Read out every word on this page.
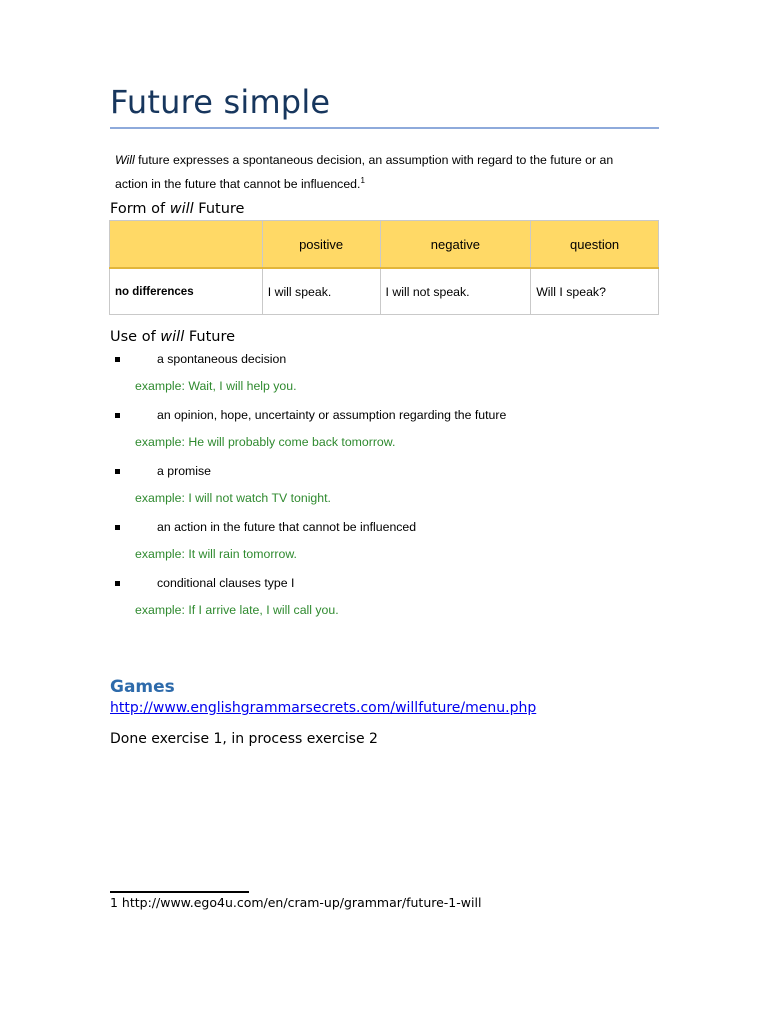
Future simple
Will future expresses a spontaneous decision, an assumption with regard to the future or an action in the future that cannot be influenced.$^1$
Form of will Future
	positive	negative	question
no differences	I will speak.	I will not speak.	Will I speak?
Use of will Future
a spontaneous decision
example: Wait, I will help you.
an opinion, hope, uncertainty or assumption regarding the future
example: He will probably come back tomorrow.
a promise
example: I will not watch TV tonight.
an action in the future that cannot be influenced
example: It will rain tomorrow.
conditional clauses type I
example: If I arrive late, I will call you.
Games
http://www.englishgrammarsecrets.com/willfuture/menu.php
Done exercise 1, in process exercise 2
1 http://www.ego4u.com/en/cram-up/grammar/future-1-will
